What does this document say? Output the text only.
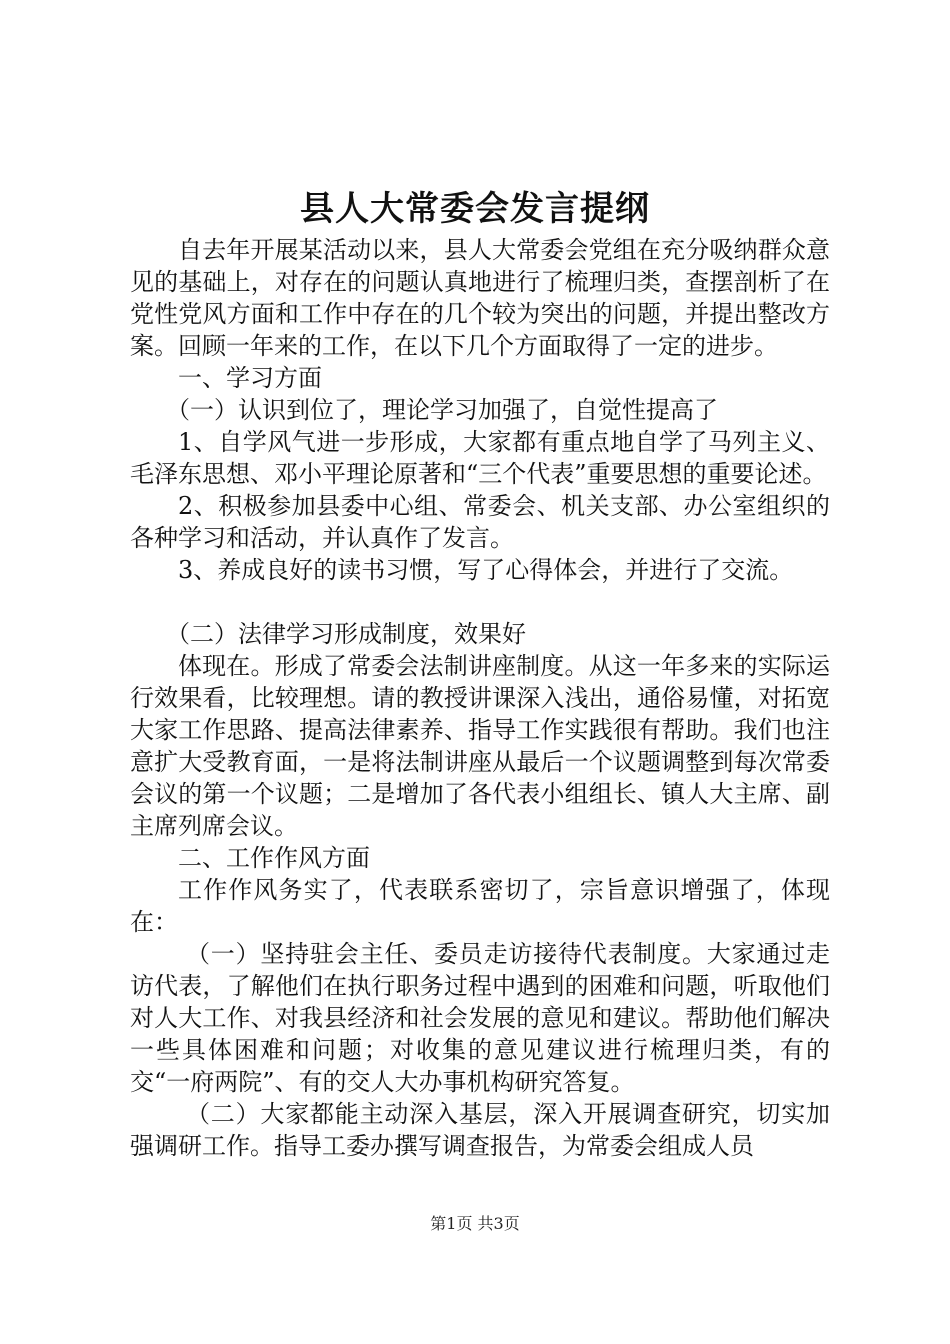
县人大常委会发言提纲

自去年开展某活动以来，县人大常委会党组在充分吸纳群众意见的基础上，对存在的问题认真地进行了梳理归类，查摆剖析了在党性党风方面和工作中存在的几个较为突出的问题，并提出整改方案。回顾一年来的工作，在以下几个方面取得了一定的进步。

一、学习方面

（一）认识到位了，理论学习加强了，自觉性提高了

1、自学风气进一步形成，大家都有重点地自学了马列主义、毛泽东思想、邓小平理论原著和“三个代表”重要思想的重要论述。

2、积极参加县委中心组、常委会、机关支部、办公室组织的各种学习和活动，并认真作了发言。

3、养成良好的读书习惯，写了心得体会，并进行了交流。

（二）法律学习形成制度，效果好

体现在。形成了常委会法制讲座制度。从这一年多来的实际运行效果看，比较理想。请的教授讲课深入浅出，通俗易懂，对拓宽大家工作思路、提高法律素养、指导工作实践很有帮助。我们也注意扩大受教育面，一是将法制讲座从最后一个议题调整到每次常委会议的第一个议题；二是增加了各代表小组组长、镇人大主席、副主席列席会议。

二、工作作风方面

工作作风务实了，代表联系密切了，宗旨意识增强了，体现在：

（一）坚持驻会主任、委员走访接待代表制度。大家通过走访代表，了解他们在执行职务过程中遇到的困难和问题，听取他们对人大工作、对我县经济和社会发展的意见和建议。帮助他们解决一些具体困难和问题；对收集的意见建议进行梳理归类，有的交“一府两院”、有的交人大办事机构研究答复。

（二）大家都能主动深入基层，深入开展调查研究，切实加强调研工作。指导工委办撰写调查报告，为常委会组成人员

第1页 共3页
